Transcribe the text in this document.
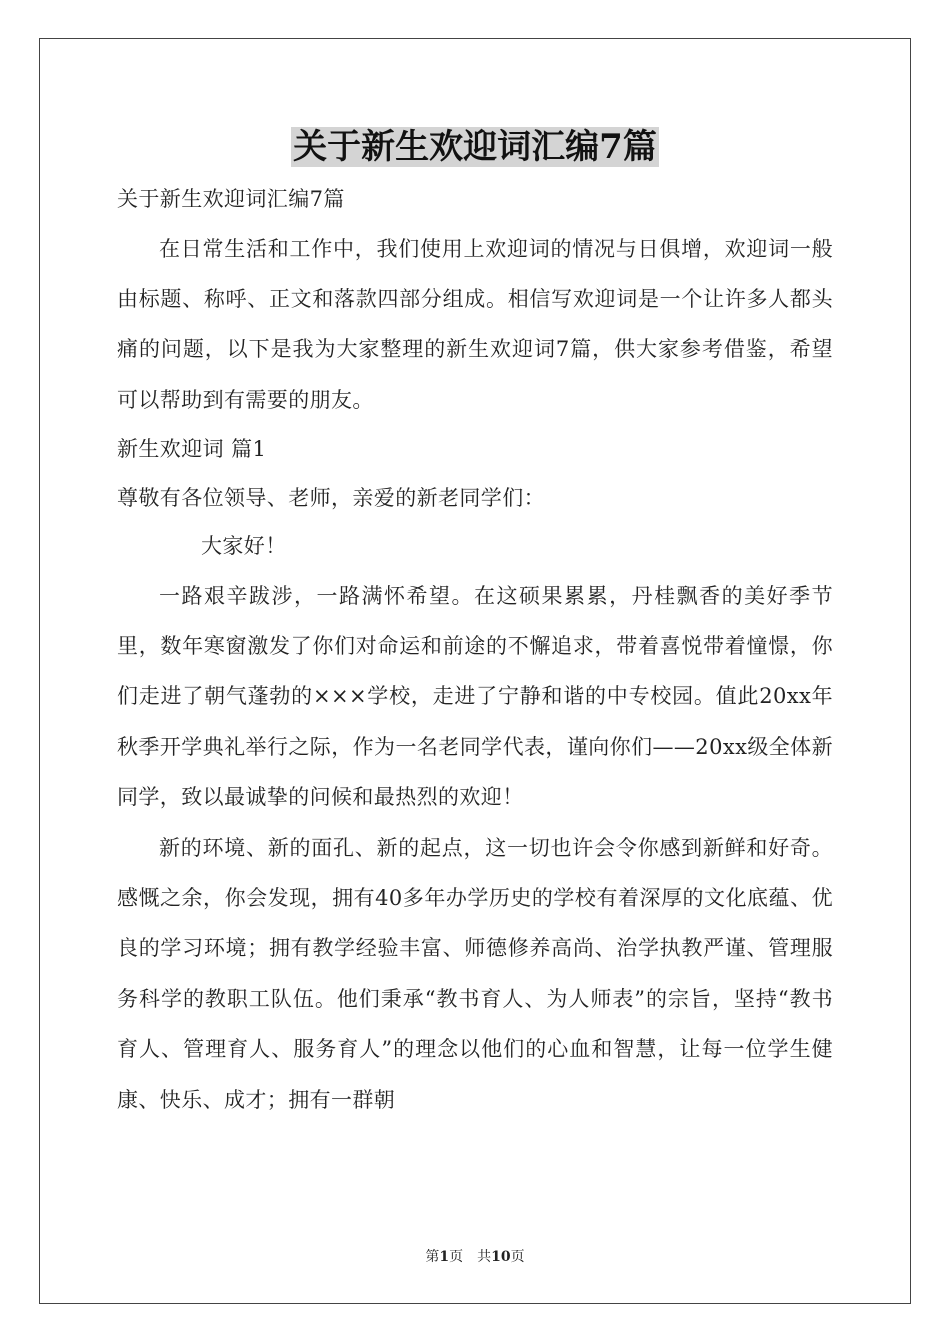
关于新生欢迎词汇编7篇
关于新生欢迎词汇编7篇

在日常生活和工作中，我们使用上欢迎词的情况与日俱增，欢迎词一般由标题、称呼、正文和落款四部分组成。相信写欢迎词是一个让许多人都头痛的问题，以下是我为大家整理的新生欢迎词7篇，供大家参考借鉴，希望可以帮助到有需要的朋友。

新生欢迎词 篇1
尊敬有各位领导、老师，亲爱的新老同学们：
大家好！

一路艰辛跋涉，一路满怀希望。在这硕果累累，丹桂飘香的美好季节里，数年寒窗激发了你们对命运和前途的不懈追求，带着喜悦带着憧憬，你们走进了朝气蓬勃的×××学校，走进了宁静和谐的中专校园。值此20xx年秋季开学典礼举行之际，作为一名老同学代表，谨向你们——20xx级全体新同学，致以最诚挚的问候和最热烈的欢迎！

新的环境、新的面孔、新的起点，这一切也许会令你感到新鲜和好奇。感慨之余，你会发现，拥有40多年办学历史的学校有着深厚的文化底蕴、优良的学习环境；拥有教学经验丰富、师德修养高尚、治学执教严谨、管理服务科学的教职工队伍。他们秉承“教书育人、为人师表”的宗旨，坚持“教书育人、管理育人、服务育人”的理念以他们的心血和智慧，让每一位学生健康、快乐、成才；拥有一群朝

第1页　共10页
